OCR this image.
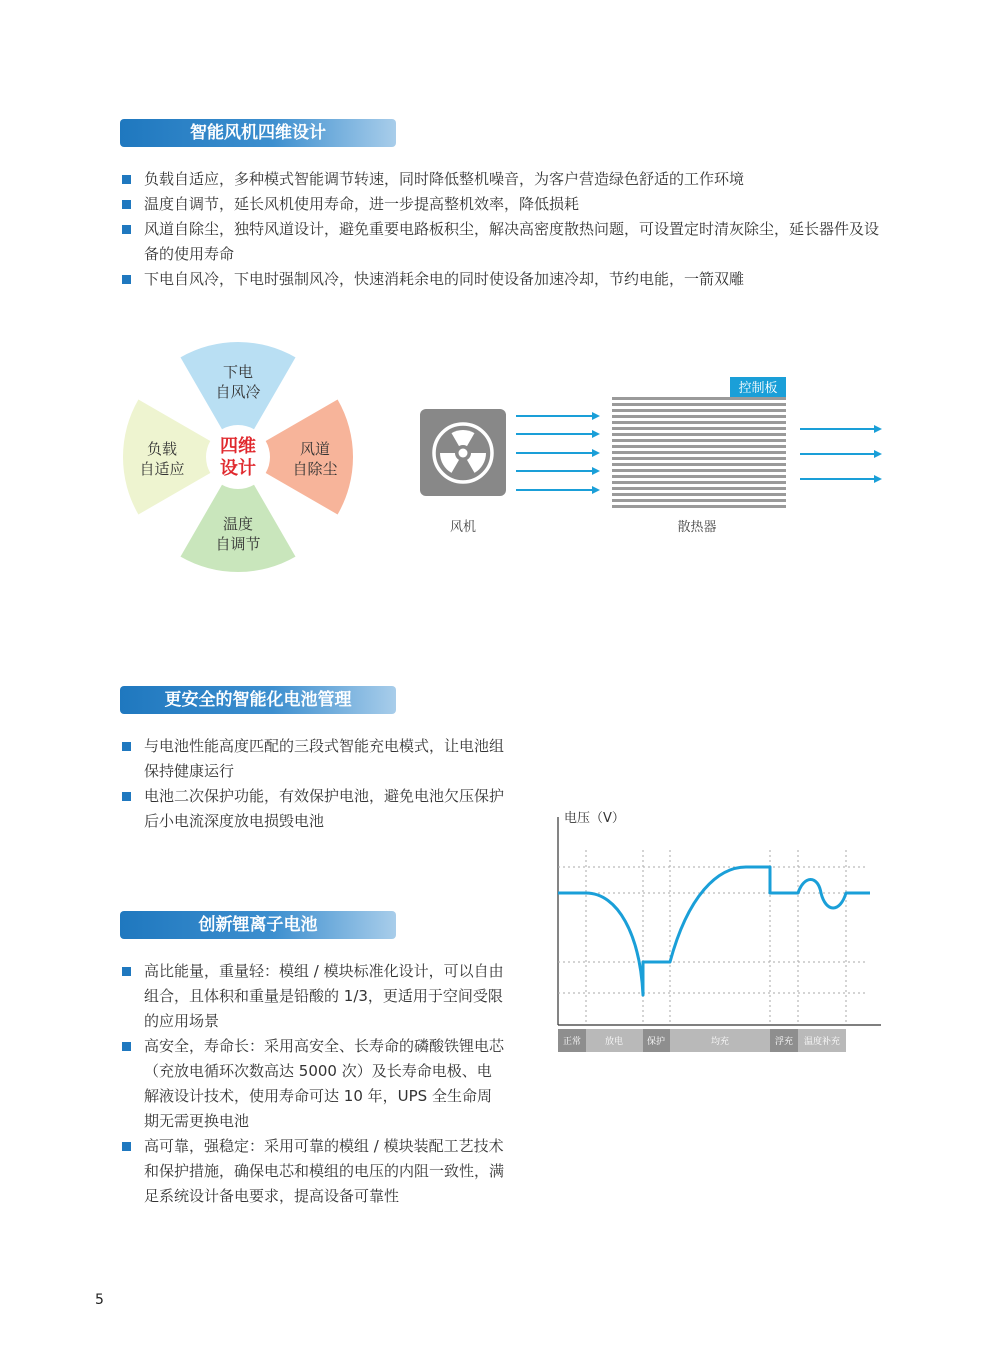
智能风机四维设计
负载自适应，多种模式智能调节转速，同时降低整机噪音，为客户营造绿色舒适的工作环境
温度自调节，延长风机使用寿命，进一步提高整机效率，降低损耗
风道自除尘，独特风道设计，避免重要电路板积尘，解决高密度散热问题，可设置定时清灰除尘，延长器件及设备的使用寿命
下电自风冷，下电时强制风冷，快速消耗余电的同时使设备加速冷却，节约电能，一箭双雕
四维
设计
下电
自风冷
负载
自适应
风道
自除尘
温度
自调节
风机
控制板
散热器
更安全的智能化电池管理
与电池性能高度匹配的三段式智能充电模式，让电池组保持健康运行
电池二次保护功能，有效保护电池，避免电池欠压保护后小电流深度放电损毁电池
创新锂离子电池
高比能量，重量轻：模组 / 模块标准化设计，可以自由组合，且体积和重量是铅酸的 1/3，更适用于空间受限的应用场景
高安全，寿命长：采用高安全、长寿命的磷酸铁锂电芯（充放电循环次数高达 5000 次）及长寿命电极、电解液设计技术，使用寿命可达 10 年，UPS 全生命周期无需更换电池
高可靠，强稳定：采用可靠的模组 / 模块装配工艺技术和保护措施，确保电芯和模组的电压的内阻一致性，满足系统设计备电要求，提高设备可靠性
电压（V）
正常	放电	保护	均充	浮充 温度补充
5
